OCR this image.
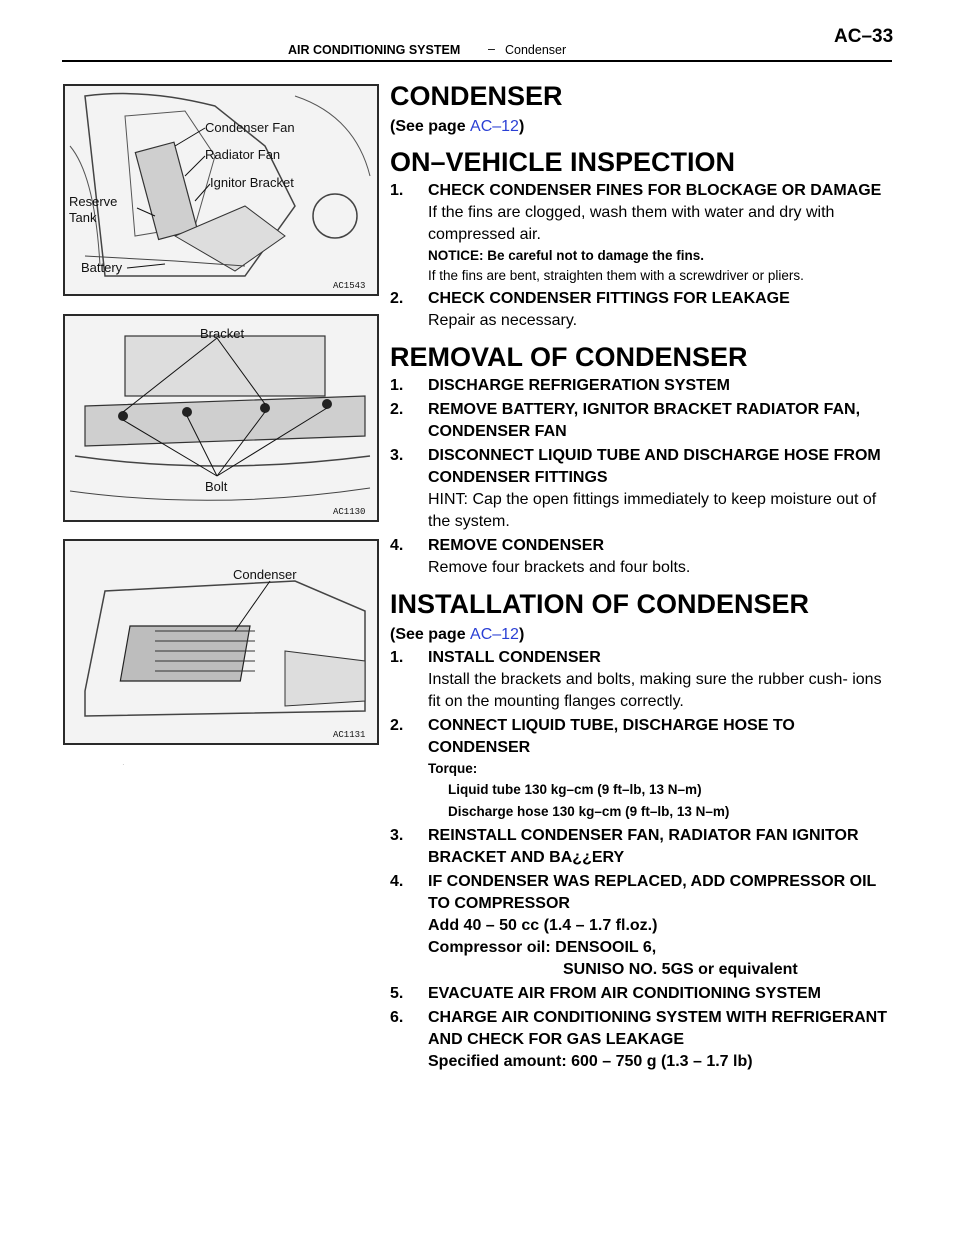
AIR CONDITIONING SYSTEM – Condenser
AC–33
Condenser Fan
Radiator Fan
Ignitor Bracket
Reserve
Tank
Battery
AC1543
Bracket
Bolt
AC1130
Condenser
AC1131
·
CONDENSER
(See page AC–12)
ON–VEHICLE INSPECTION
1. CHECK CONDENSER FINES FOR BLOCKAGE OR DAMAGE
If the fins are clogged, wash them with water and dry with compressed air.
NOTICE: Be careful not to damage the fins.
If the fins are bent, straighten them with a screwdriver or pliers.
2. CHECK CONDENSER FITTINGS FOR LEAKAGE
Repair as necessary.
REMOVAL OF CONDENSER
1. DISCHARGE REFRIGERATION SYSTEM
2. REMOVE BATTERY, IGNITOR BRACKET RADIATOR FAN, CONDENSER FAN
3. DISCONNECT LIQUID TUBE AND DISCHARGE HOSE FROM CONDENSER FITTINGS
HINT: Cap the open fittings immediately to keep moisture out of the system.
4. REMOVE CONDENSER
Remove four brackets and four bolts.
INSTALLATION OF CONDENSER
(See page AC–12)
1. INSTALL CONDENSER
Install the brackets and bolts, making sure the rubber cush- ions fit on the mounting flanges correctly.
2. CONNECT LIQUID TUBE, DISCHARGE HOSE TO CONDENSER
Torque:
Liquid tube 130 kg–cm (9 ft–lb, 13 N–m)
Discharge hose 130 kg–cm (9 ft–lb, 13 N–m)
3. REINSTALL CONDENSER FAN, RADIATOR FAN IGNITOR BRACKET AND BA¿¿ERY
4. IF CONDENSER WAS REPLACED, ADD COMPRESSOR OIL TO COMPRESSOR
Add 40 – 50 cc (1.4 – 1.7 fl.oz.)
Compressor oil: DENSOOIL 6,
SUNISO NO. 5GS or equivalent
5. EVACUATE AIR FROM AIR CONDITIONING SYSTEM
6. CHARGE AIR CONDITIONING SYSTEM WITH REFRIGERANT AND CHECK FOR GAS LEAKAGE
Specified amount: 600 – 750 g (1.3 – 1.7 lb)
